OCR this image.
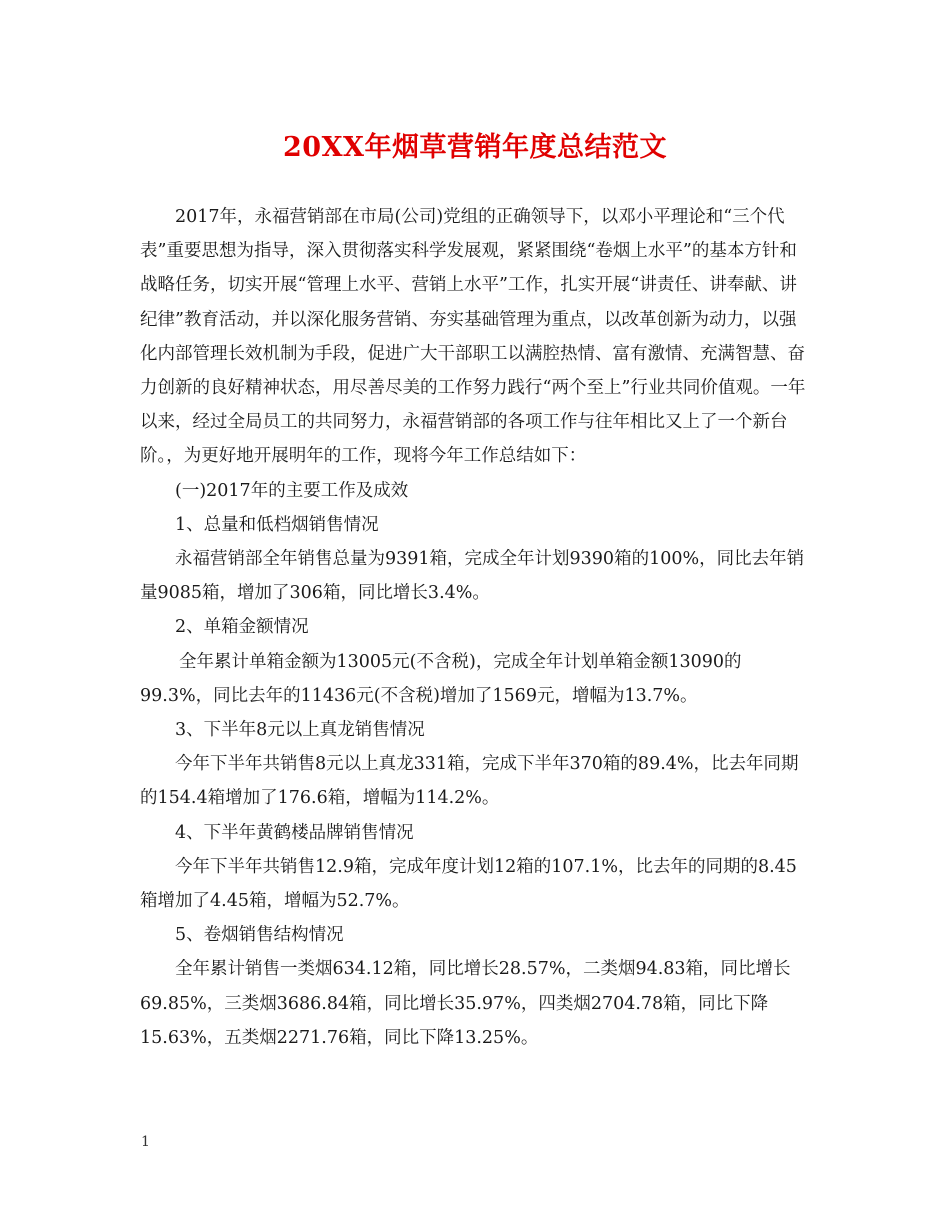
20XX年烟草营销年度总结范文

2017年，永福营销部在市局(公司)党组的正确领导下，以邓小平理论和“三个代表”重要思想为指导，深入贯彻落实科学发展观，紧紧围绕“卷烟上水平”的基本方针和战略任务，切实开展“管理上水平、营销上水平”工作，扎实开展“讲责任、讲奉献、讲纪律”教育活动，并以深化服务营销、夯实基础管理为重点，以改革创新为动力，以强化内部管理长效机制为手段，促进广大干部职工以满腔热情、富有激情、充满智慧、奋力创新的良好精神状态，用尽善尽美的工作努力践行“两个至上”行业共同价值观。一年以来，经过全局员工的共同努力，永福营销部的各项工作与往年相比又上了一个新台阶。，为更好地开展明年的工作，现将今年工作总结如下：

(一)2017年的主要工作及成效

1、总量和低档烟销售情况

永福营销部全年销售总量为9391箱，完成全年计划9390箱的100%，同比去年销量9085箱，增加了306箱，同比增长3.4%。

2、单箱金额情况

全年累计单箱金额为13005元(不含税)，完成全年计划单箱金额13090的99.3%，同比去年的11436元(不含税)增加了1569元，增幅为13.7%。

3、下半年8元以上真龙销售情况

今年下半年共销售8元以上真龙331箱，完成下半年370箱的89.4%，比去年同期的154.4箱增加了176.6箱，增幅为114.2%。

4、下半年黄鹤楼品牌销售情况

今年下半年共销售12.9箱，完成年度计划12箱的107.1%，比去年的同期的8.45箱增加了4.45箱，增幅为52.7%。

5、卷烟销售结构情况

全年累计销售一类烟634.12箱，同比增长28.57%，二类烟94.83箱，同比增长69.85%，三类烟3686.84箱，同比增长35.97%，四类烟2704.78箱，同比下降15.63%，五类烟2271.76箱，同比下降13.25%。

1
